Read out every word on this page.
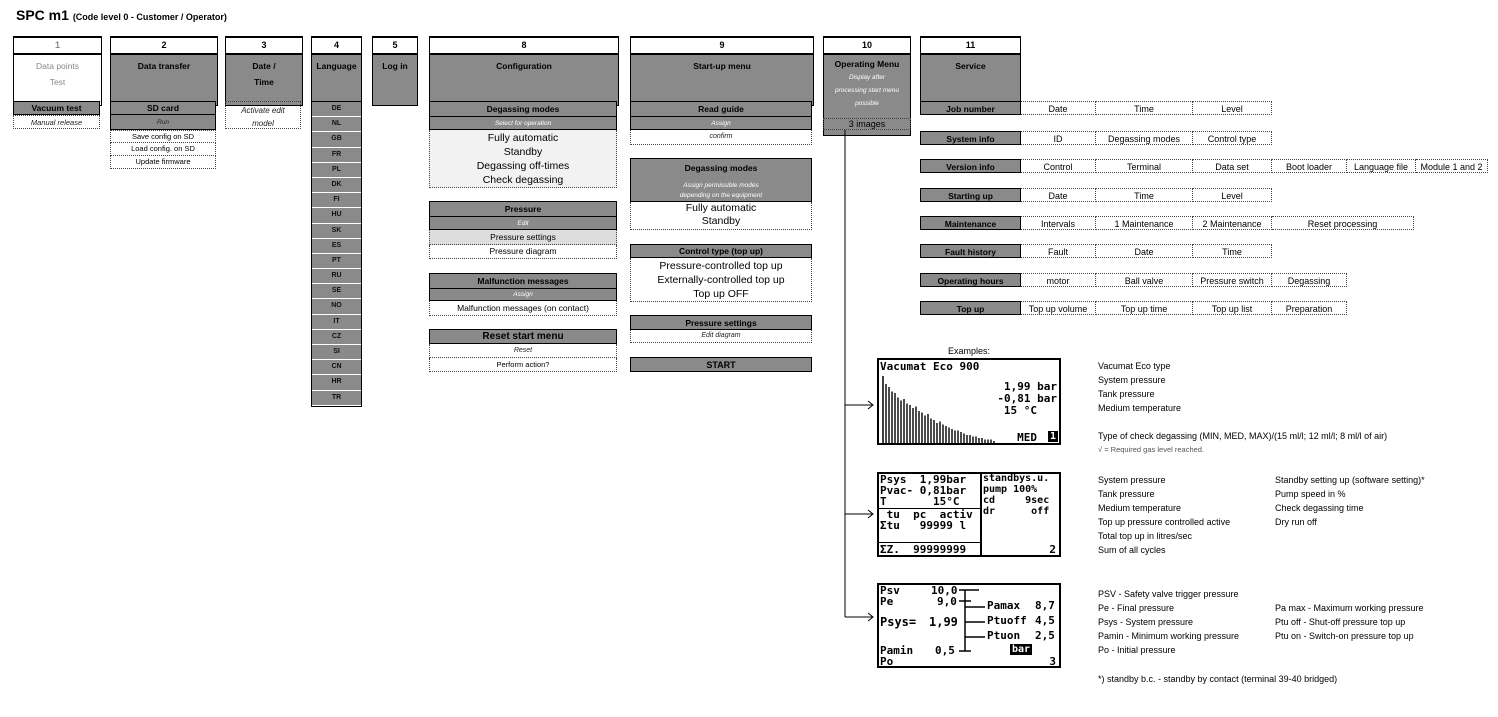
SPC m1 (Code level 0 - Customer / Operator)
1
Data points
Test
2
Data transfer
3
Date /
Time
4
Language
5
Log in
8
Configuration
9
Start-up menu
10
Operating Menu
Display after
processing start menu
possible
11
Service
3 images
Vacuum test
Manual release
SD card
Run
Save config on SD
Load config. on SD
Update firmware
Activate edit
model
DE
NL
GB
FR
PL
DK
FI
HU
SK
ES
PT
RU
SE
NO
IT
CZ
SI
CN
HR
TR
Degassing modes
Select for operation
Fully automatic
Standby
Degassing off-times
Check degassing
Pressure
Edit
Pressure settings
Pressure diagram
Malfunction messages
Assign
Malfunction messages (on contact)
Reset start menu
Reset
Perform action?
Read guide
Assign
confirm
Degassing modes
Assign permissible modes
depending on the equipment
Fully automatic
Standby
Control type (top up)
Pressure-controlled top up
Externally-controlled top up
Top up OFF
Pressure settings
Edit diagram
START
Job number	Date	Time	Level
System info	ID	Degassing modes	Control type
Version info	Control	Terminal	Data set	Boot loader	Language file	Module 1 and 2
Starting up	Date	Time	Level
Maintenance	Intervals	1 Maintenance	2 Maintenance	Reset processing
Fault history	Fault	Date	Time
Operating hours	motor	Ball valve	Pressure switch	Degassing
Top up	Top up volume	Top up time	Top up list	Preparation
Examples:
Vacumat Eco 900
1,99 bar
-0,81 bar
15 °C
MED 1
Vacumat Eco type
System pressure
Tank pressure
Medium temperature
Type of check degassing (MIN, MED, MAX)/(15 ml/l; 12 ml/l; 8 ml/l of air)
√ = Required gas level reached.
Psys  1,99bar
Pvac- 0,81bar
T       15°C
tu  pc  activ
Σtu   99999 l
ΣZ.  99999999
standbys.u.
pump 100%
cd     9sec
dr      off
2
System pressure
Tank pressure
Medium temperature
Top up pressure controlled active
Total top up in litres/sec
Sum of all cycles
Standby setting up (software setting)*
Pump speed in %
Check degassing time
Dry run off
Psv	10,0
Pe	9,0
Psys= 1,99
Pamin 0,5
Po
Pamax 8,7
Ptuoff 4,5
Ptuon 2,5
bar
3
PSV - Safety valve trigger pressure
Pe - Final pressure
Psys - System pressure
Pamin - Minimum working pressure
Po - Initial pressure
Pa max - Maximum working pressure
Ptu off - Shut-off pressure top up
Ptu on - Switch-on pressure top up
*) standby b.c. - standby by contact (terminal 39-40 bridged)
